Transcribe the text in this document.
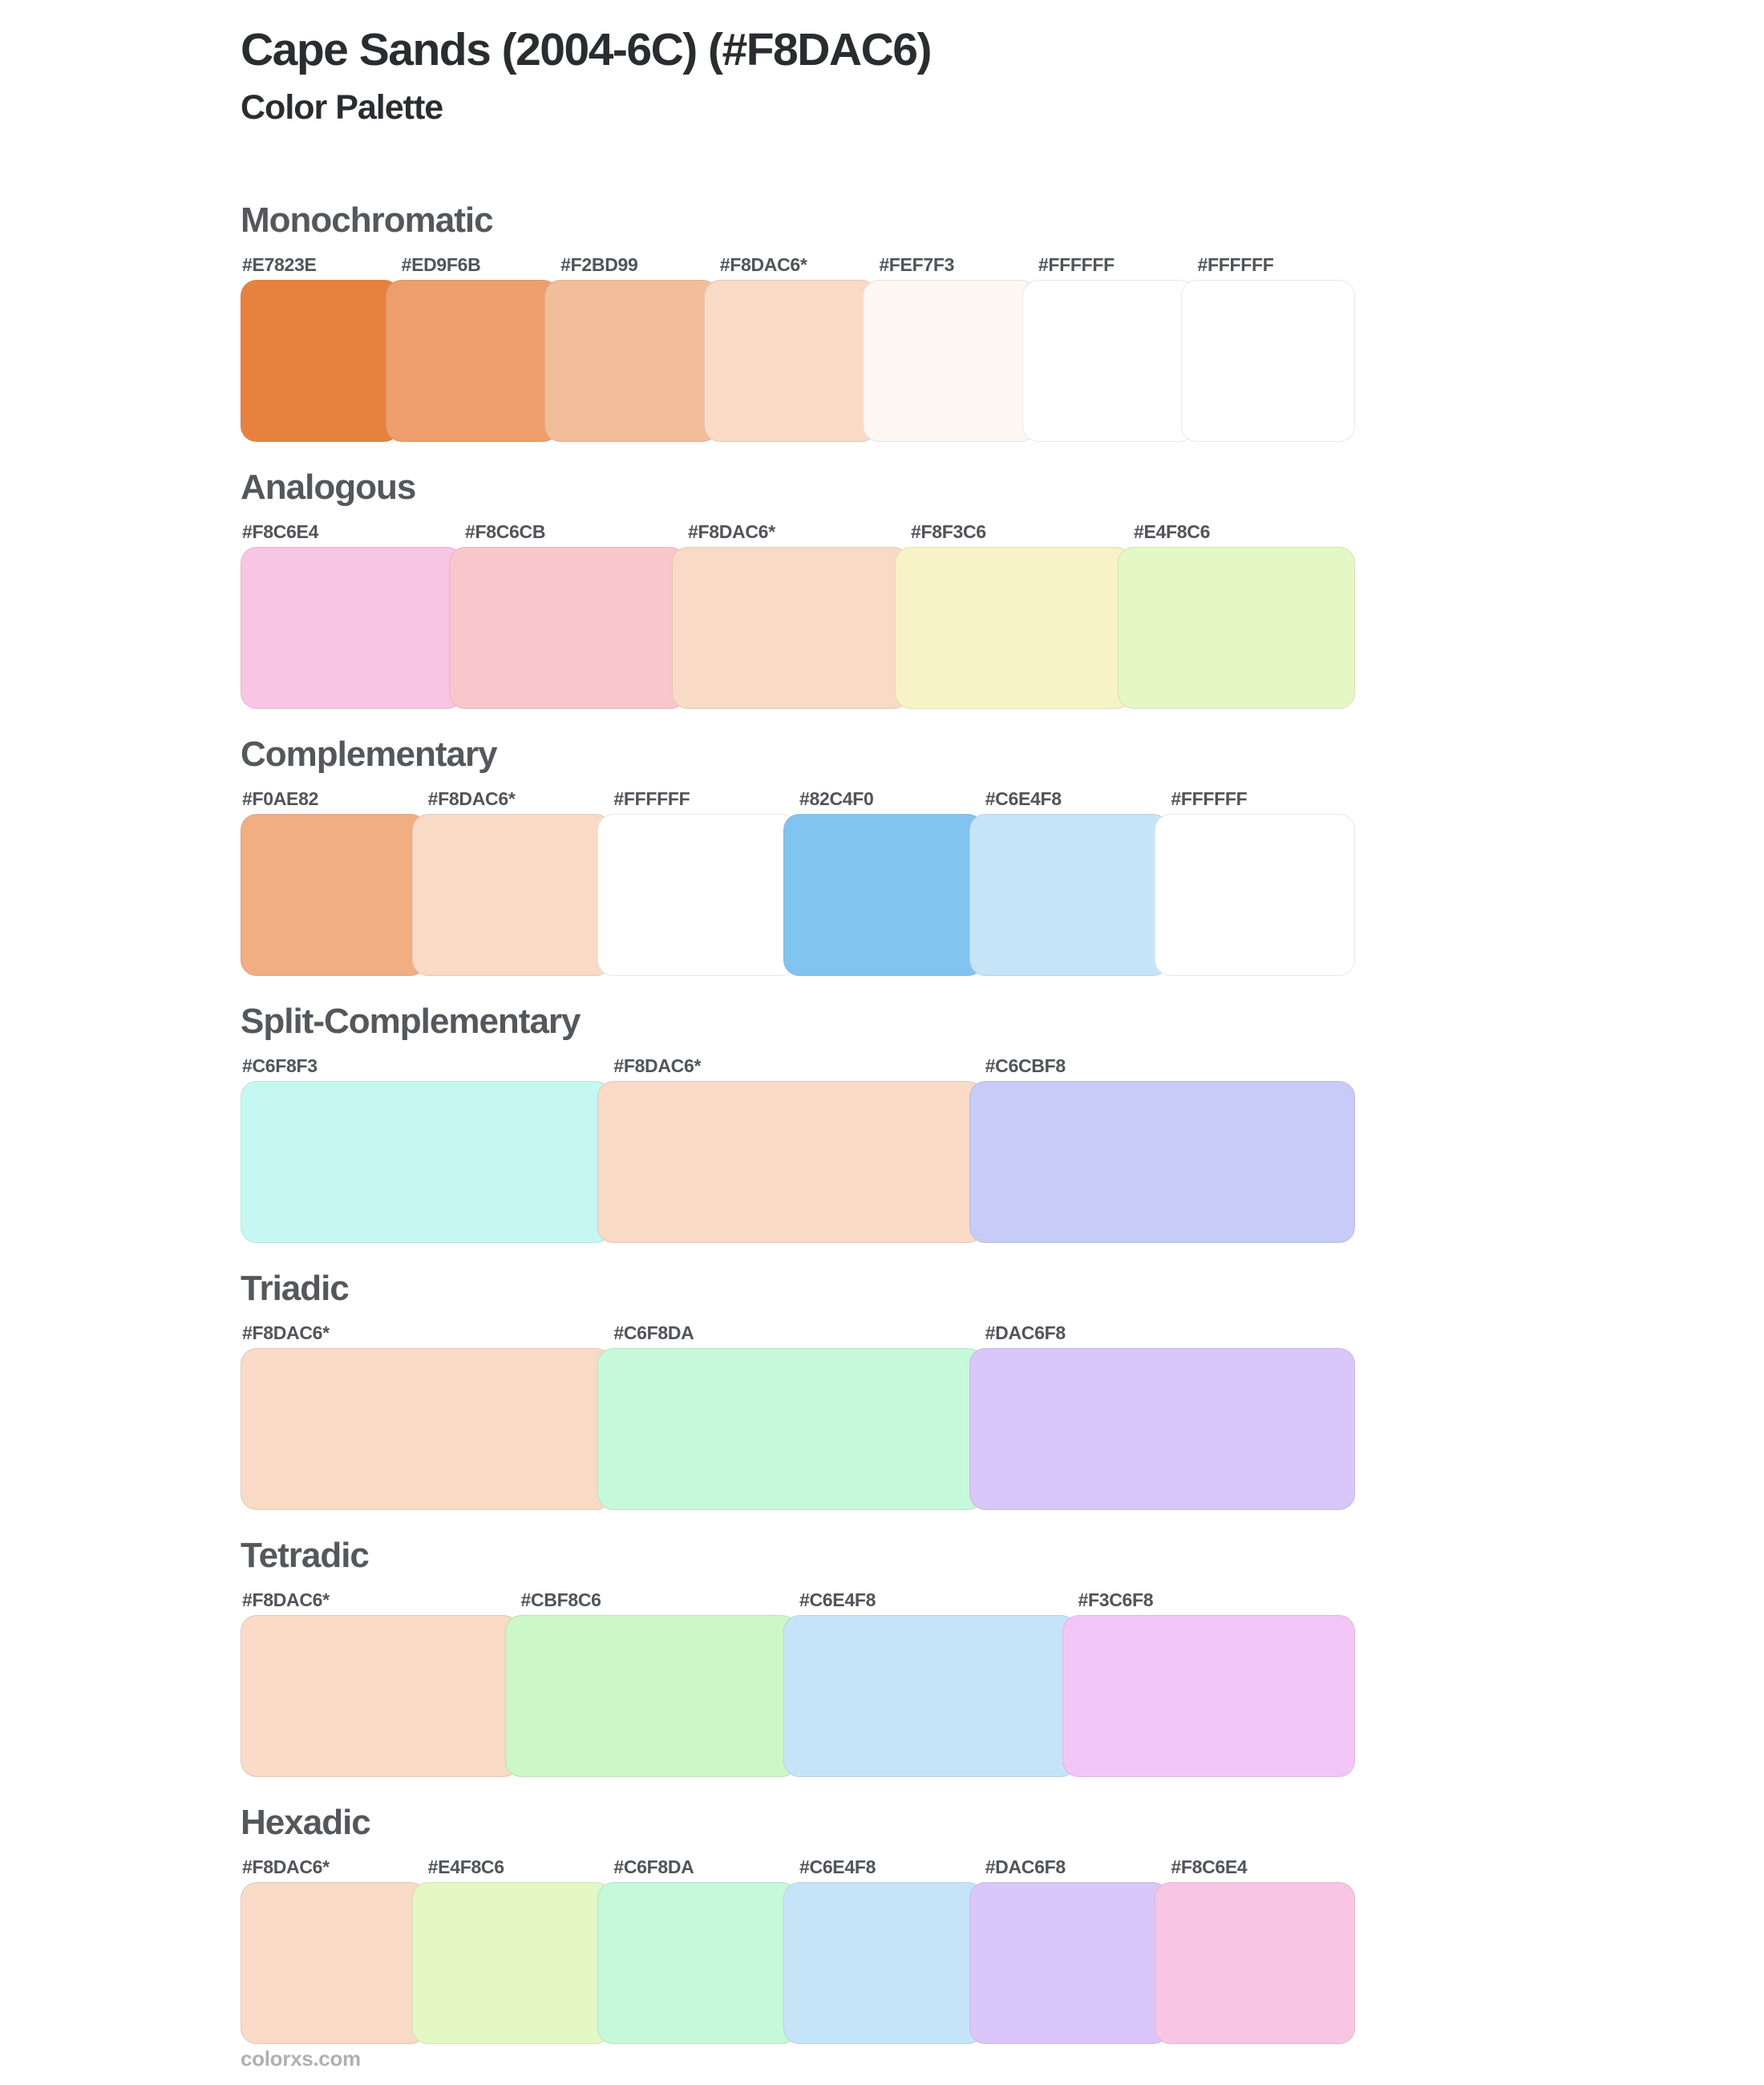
Cape Sands (2004-6C) (#F8DAC6)
Color Palette
Monochromatic
#E7823E	#ED9F6B	#F2BD99	#F8DAC6*	#FEF7F3	#FFFFFF	#FFFFFF
Analogous
#F8C6E4	#F8C6CB	#F8DAC6*	#F8F3C6	#E4F8C6
Complementary
#F0AE82	#F8DAC6*	#FFFFFF	#82C4F0	#C6E4F8	#FFFFFF
Split-Complementary
#C6F8F3	#F8DAC6*	#C6CBF8
Triadic
#F8DAC6*	#C6F8DA	#DAC6F8
Tetradic
#F8DAC6*	#CBF8C6	#C6E4F8	#F3C6F8
Hexadic
#F8DAC6*	#E4F8C6	#C6F8DA	#C6E4F8	#DAC6F8	#F8C6E4
colorxs.com
